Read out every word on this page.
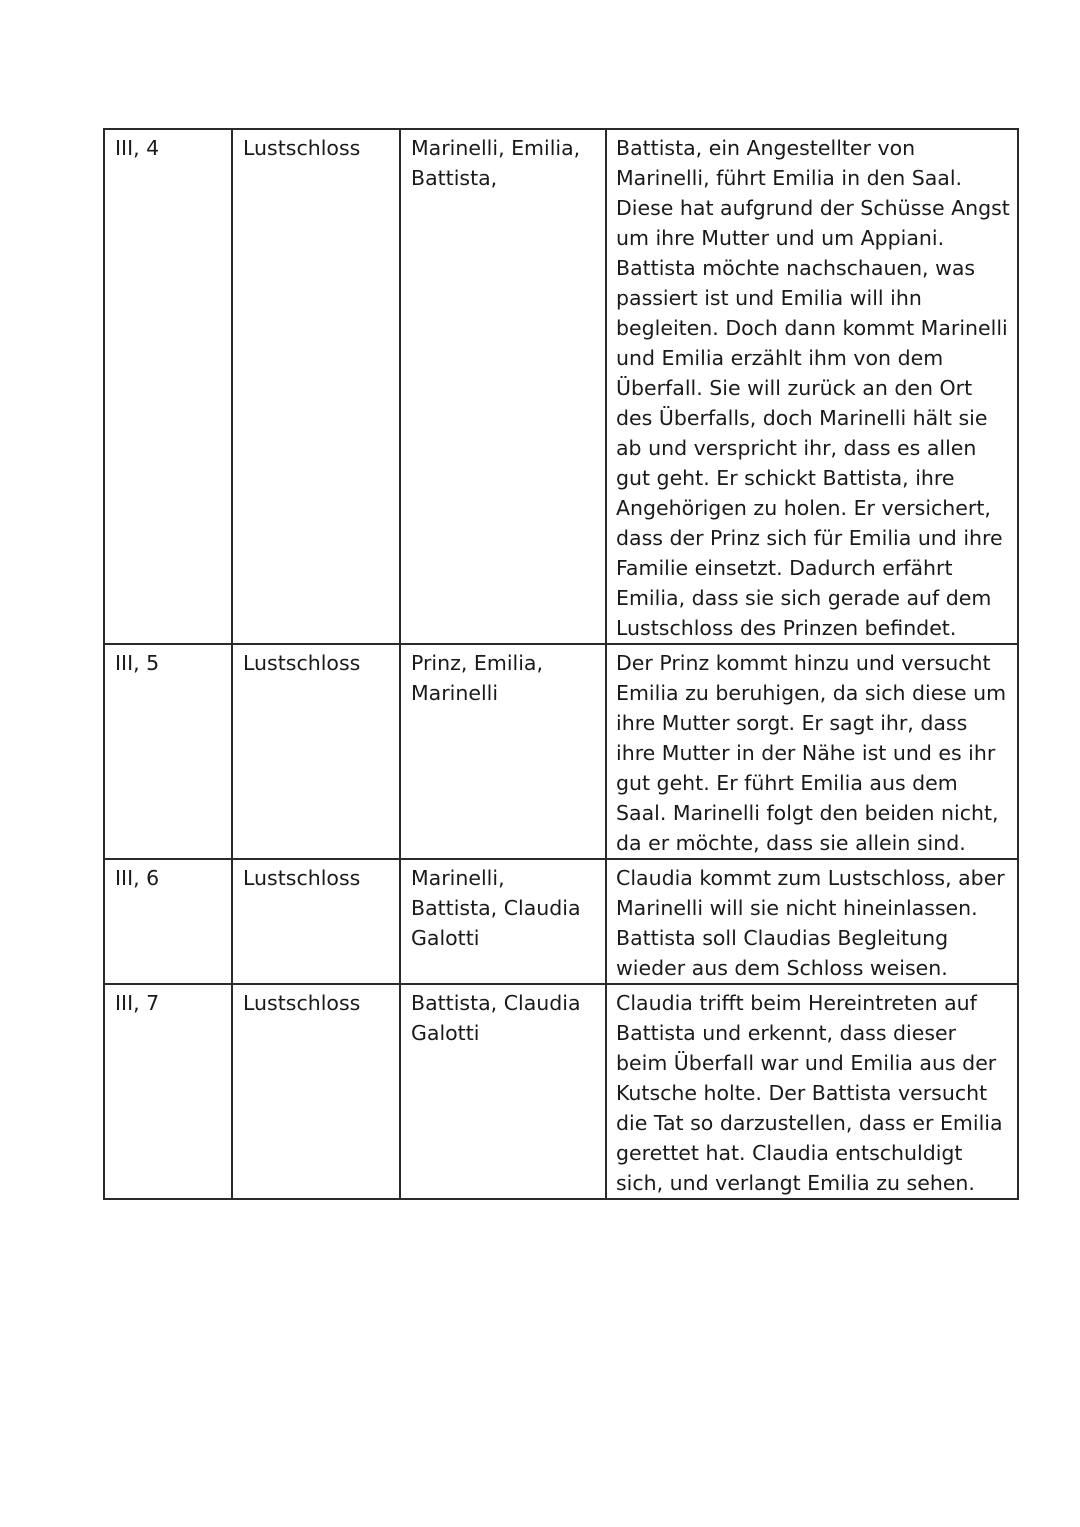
III, 4	Lustschloss	Marinelli, Emilia, Battista,	Battista, ein Angestellter von Marinelli, führt Emilia in den Saal. Diese hat aufgrund der Schüsse Angst um ihre Mutter und um Appiani. Battista möchte nachschauen, was passiert ist und Emilia will ihn begleiten. Doch dann kommt Marinelli und Emilia erzählt ihm von dem Überfall. Sie will zurück an den Ort des Überfalls, doch Marinelli hält sie ab und verspricht ihr, dass es allen gut geht. Er schickt Battista, ihre Angehörigen zu holen. Er versichert, dass der Prinz sich für Emilia und ihre Familie einsetzt. Dadurch erfährt Emilia, dass sie sich gerade auf dem Lustschloss des Prinzen befindet.

III, 5	Lustschloss	Prinz, Emilia, Marinelli	Der Prinz kommt hinzu und versucht Emilia zu beruhigen, da sich diese um ihre Mutter sorgt. Er sagt ihr, dass ihre Mutter in der Nähe ist und es ihr gut geht. Er führt Emilia aus dem Saal. Marinelli folgt den beiden nicht, da er möchte, dass sie allein sind.

III, 6	Lustschloss	Marinelli, Battista, Claudia Galotti	Claudia kommt zum Lustschloss, aber Marinelli will sie nicht hineinlassen. Battista soll Claudias Begleitung wieder aus dem Schloss weisen.

III, 7	Lustschloss	Battista, Claudia Galotti	Claudia trifft beim Hereintreten auf Battista und erkennt, dass dieser beim Überfall war und Emilia aus der Kutsche holte. Der Battista versucht die Tat so darzustellen, dass er Emilia gerettet hat. Claudia entschuldigt sich, und verlangt Emilia zu sehen.
